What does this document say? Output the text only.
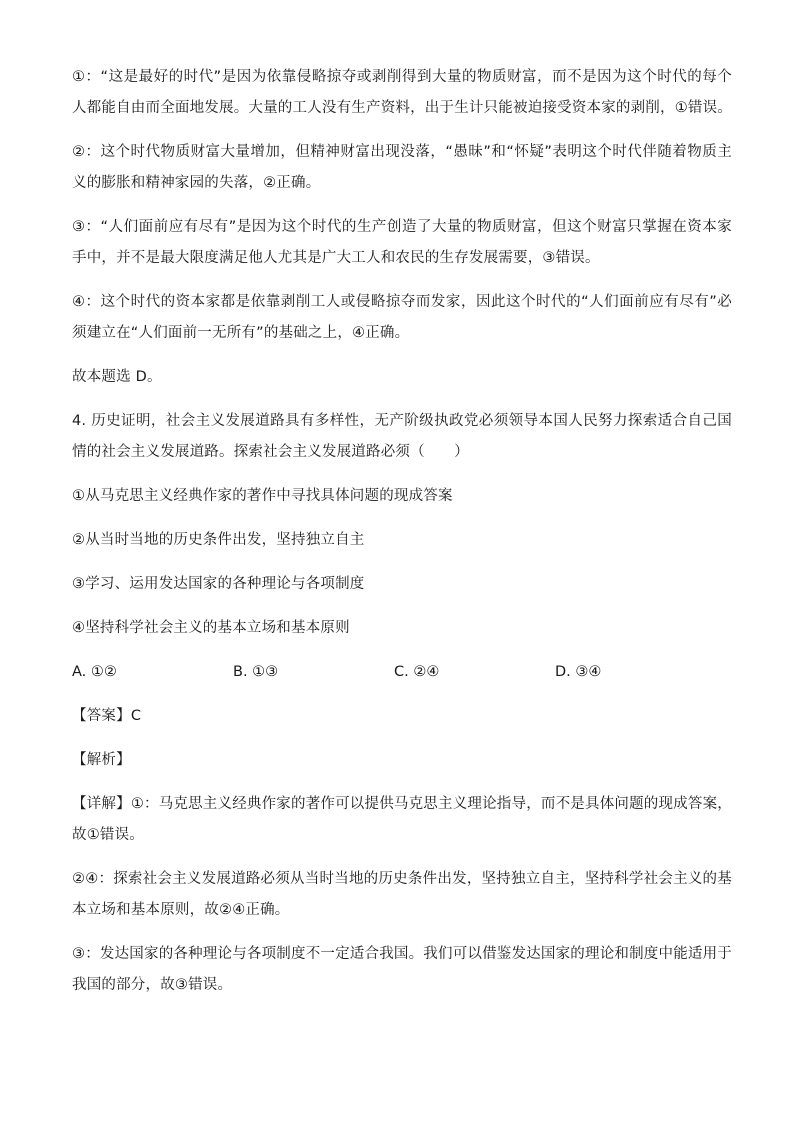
①：“这是最好的时代”是因为依靠侵略掠夺或剥削得到大量的物质财富，而不是因为这个时代的每个人都能自由而全面地发展。大量的工人没有生产资料，出于生计只能被迫接受资本家的剥削，①错误。

②：这个时代物质财富大量增加，但精神财富出现没落，“愚昧”和“怀疑”表明这个时代伴随着物质主义的膨胀和精神家园的失落，②正确。

③：“人们面前应有尽有”是因为这个时代的生产创造了大量的物质财富，但这个财富只掌握在资本家手中，并不是最大限度满足他人尤其是广大工人和农民的生存发展需要，③错误。

④：这个时代的资本家都是依靠剥削工人或侵略掠夺而发家，因此这个时代的“人们面前应有尽有”必须建立在“人们面前一无所有”的基础之上，④正确。

故本题选 D。

4. 历史证明，社会主义发展道路具有多样性，无产阶级执政党必须领导本国人民努力探索适合自己国情的社会主义发展道路。探索社会主义发展道路必须（　　）

①从马克思主义经典作家的著作中寻找具体问题的现成答案

②从当时当地的历史条件出发，坚持独立自主

③学习、运用发达国家的各种理论与各项制度

④坚持科学社会主义的基本立场和基本原则

A. ①②	B. ①③	C. ②④	D. ③④

【答案】C

【解析】

【详解】①：马克思主义经典作家的著作可以提供马克思主义理论指导，而不是具体问题的现成答案，故①错误。

②④：探索社会主义发展道路必须从当时当地的历史条件出发，坚持独立自主，坚持科学社会主义的基本立场和基本原则，故②④正确。

③：发达国家的各种理论与各项制度不一定适合我国。我们可以借鉴发达国家的理论和制度中能适用于我国的部分，故③错误。
